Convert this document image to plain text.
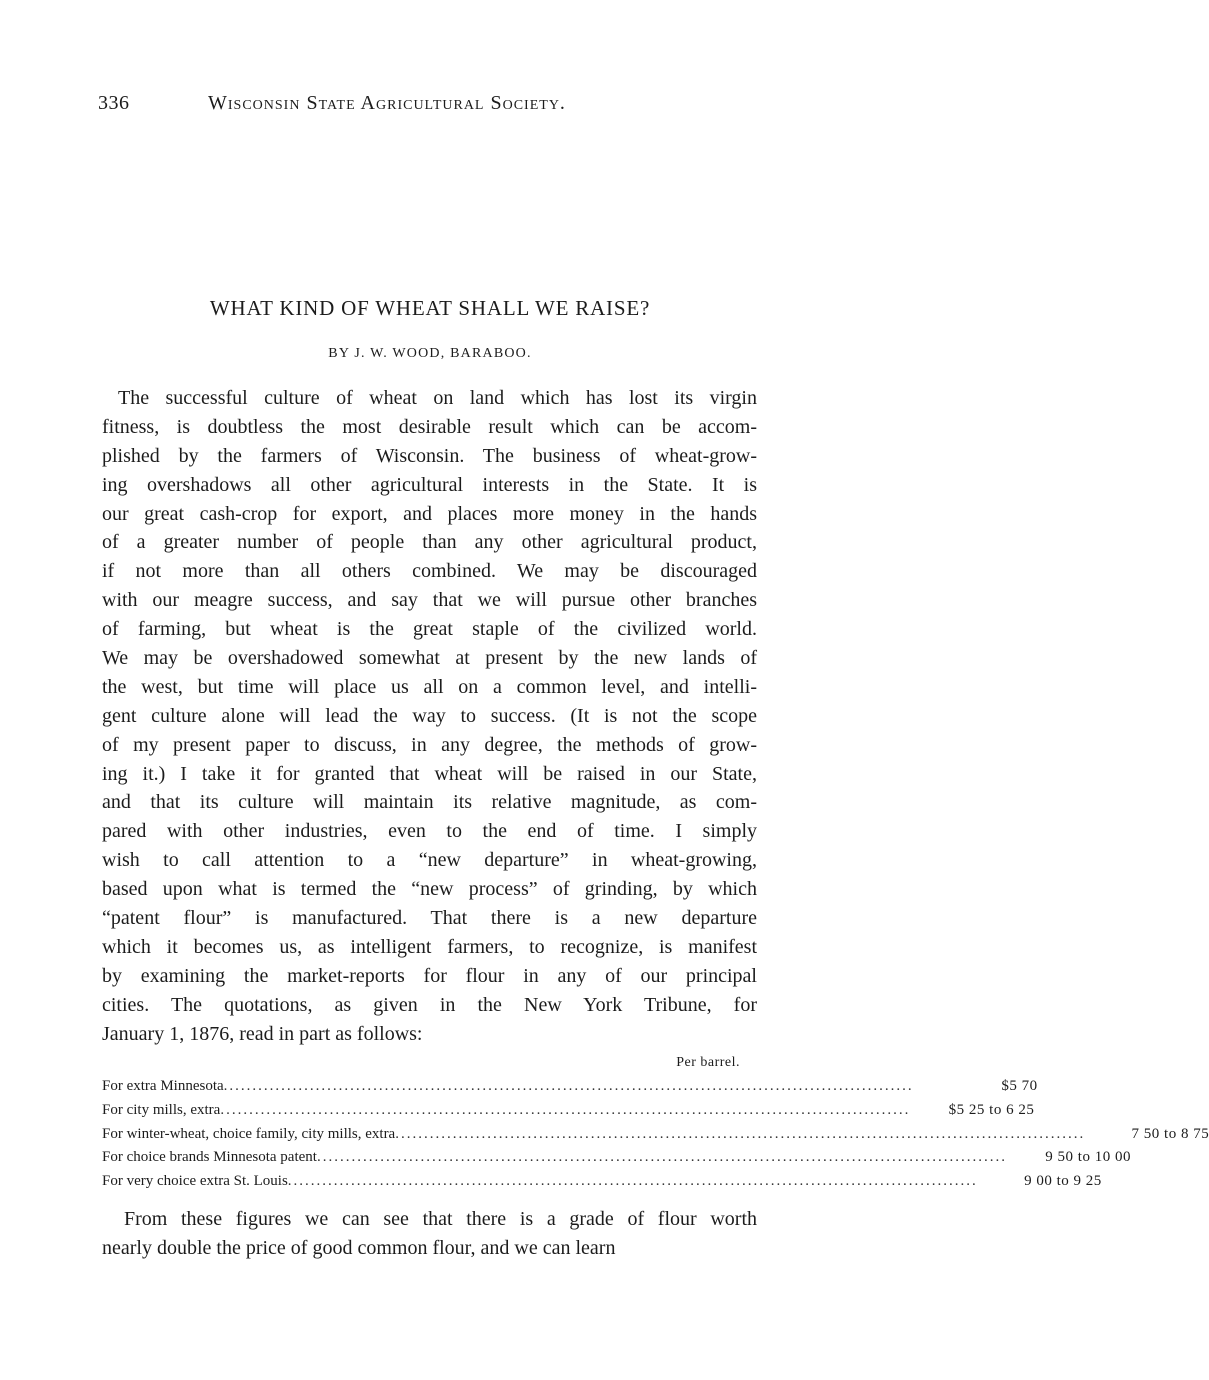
336	Wisconsin State Agricultural Society.
WHAT KIND OF WHEAT SHALL WE RAISE?
BY J. W. WOOD, BARABOO.
The successful culture of wheat on land which has lost its virgin
fitness, is doubtless the most desirable result which can be accom-
plished by the farmers of Wisconsin. The business of wheat-grow-
ing overshadows all other agricultural interests in the State. It is
our great cash-crop for export, and places more money in the hands
of a greater number of people than any other agricultural product,
if not more than all others combined. We may be discouraged
with our meagre success, and say that we will pursue other branches
of farming, but wheat is the great staple of the civilized world.
We may be overshadowed somewhat at present by the new lands of
the west, but time will place us all on a common level, and intelli-
gent culture alone will lead the way to success. (It is not the scope
of my present paper to discuss, in any degree, the methods of grow-
ing it.) I take it for granted that wheat will be raised in our State,
and that its culture will maintain its relative magnitude, as com-
pared with other industries, even to the end of time. I simply
wish to call attention to a “new departure” in wheat-growing,
based upon what is termed the “new process” of grinding, by which
“patent flour” is manufactured. That there is a new departure
which it becomes us, as intelligent farmers, to recognize, is manifest
by examining the market-reports for flour in any of our principal
cities. The quotations, as given in the New York Tribune, for
January 1, 1876, read in part as follows:
Per barrel.
For extra Minnesota ........................................................................................................................	$5 70
For city mills, extra ........................................................................................................................	$5 25 to 6 25
For winter-wheat, choice family, city mills, extra ........................................................................................................................	7 50 to 8 75
For choice brands Minnesota patent ........................................................................................................................	9 50 to 10 00
For very choice extra St. Louis ........................................................................................................................	9 00 to 9 25
From these figures we can see that there is a grade of flour worth
nearly double the price of good common flour, and we can learn
